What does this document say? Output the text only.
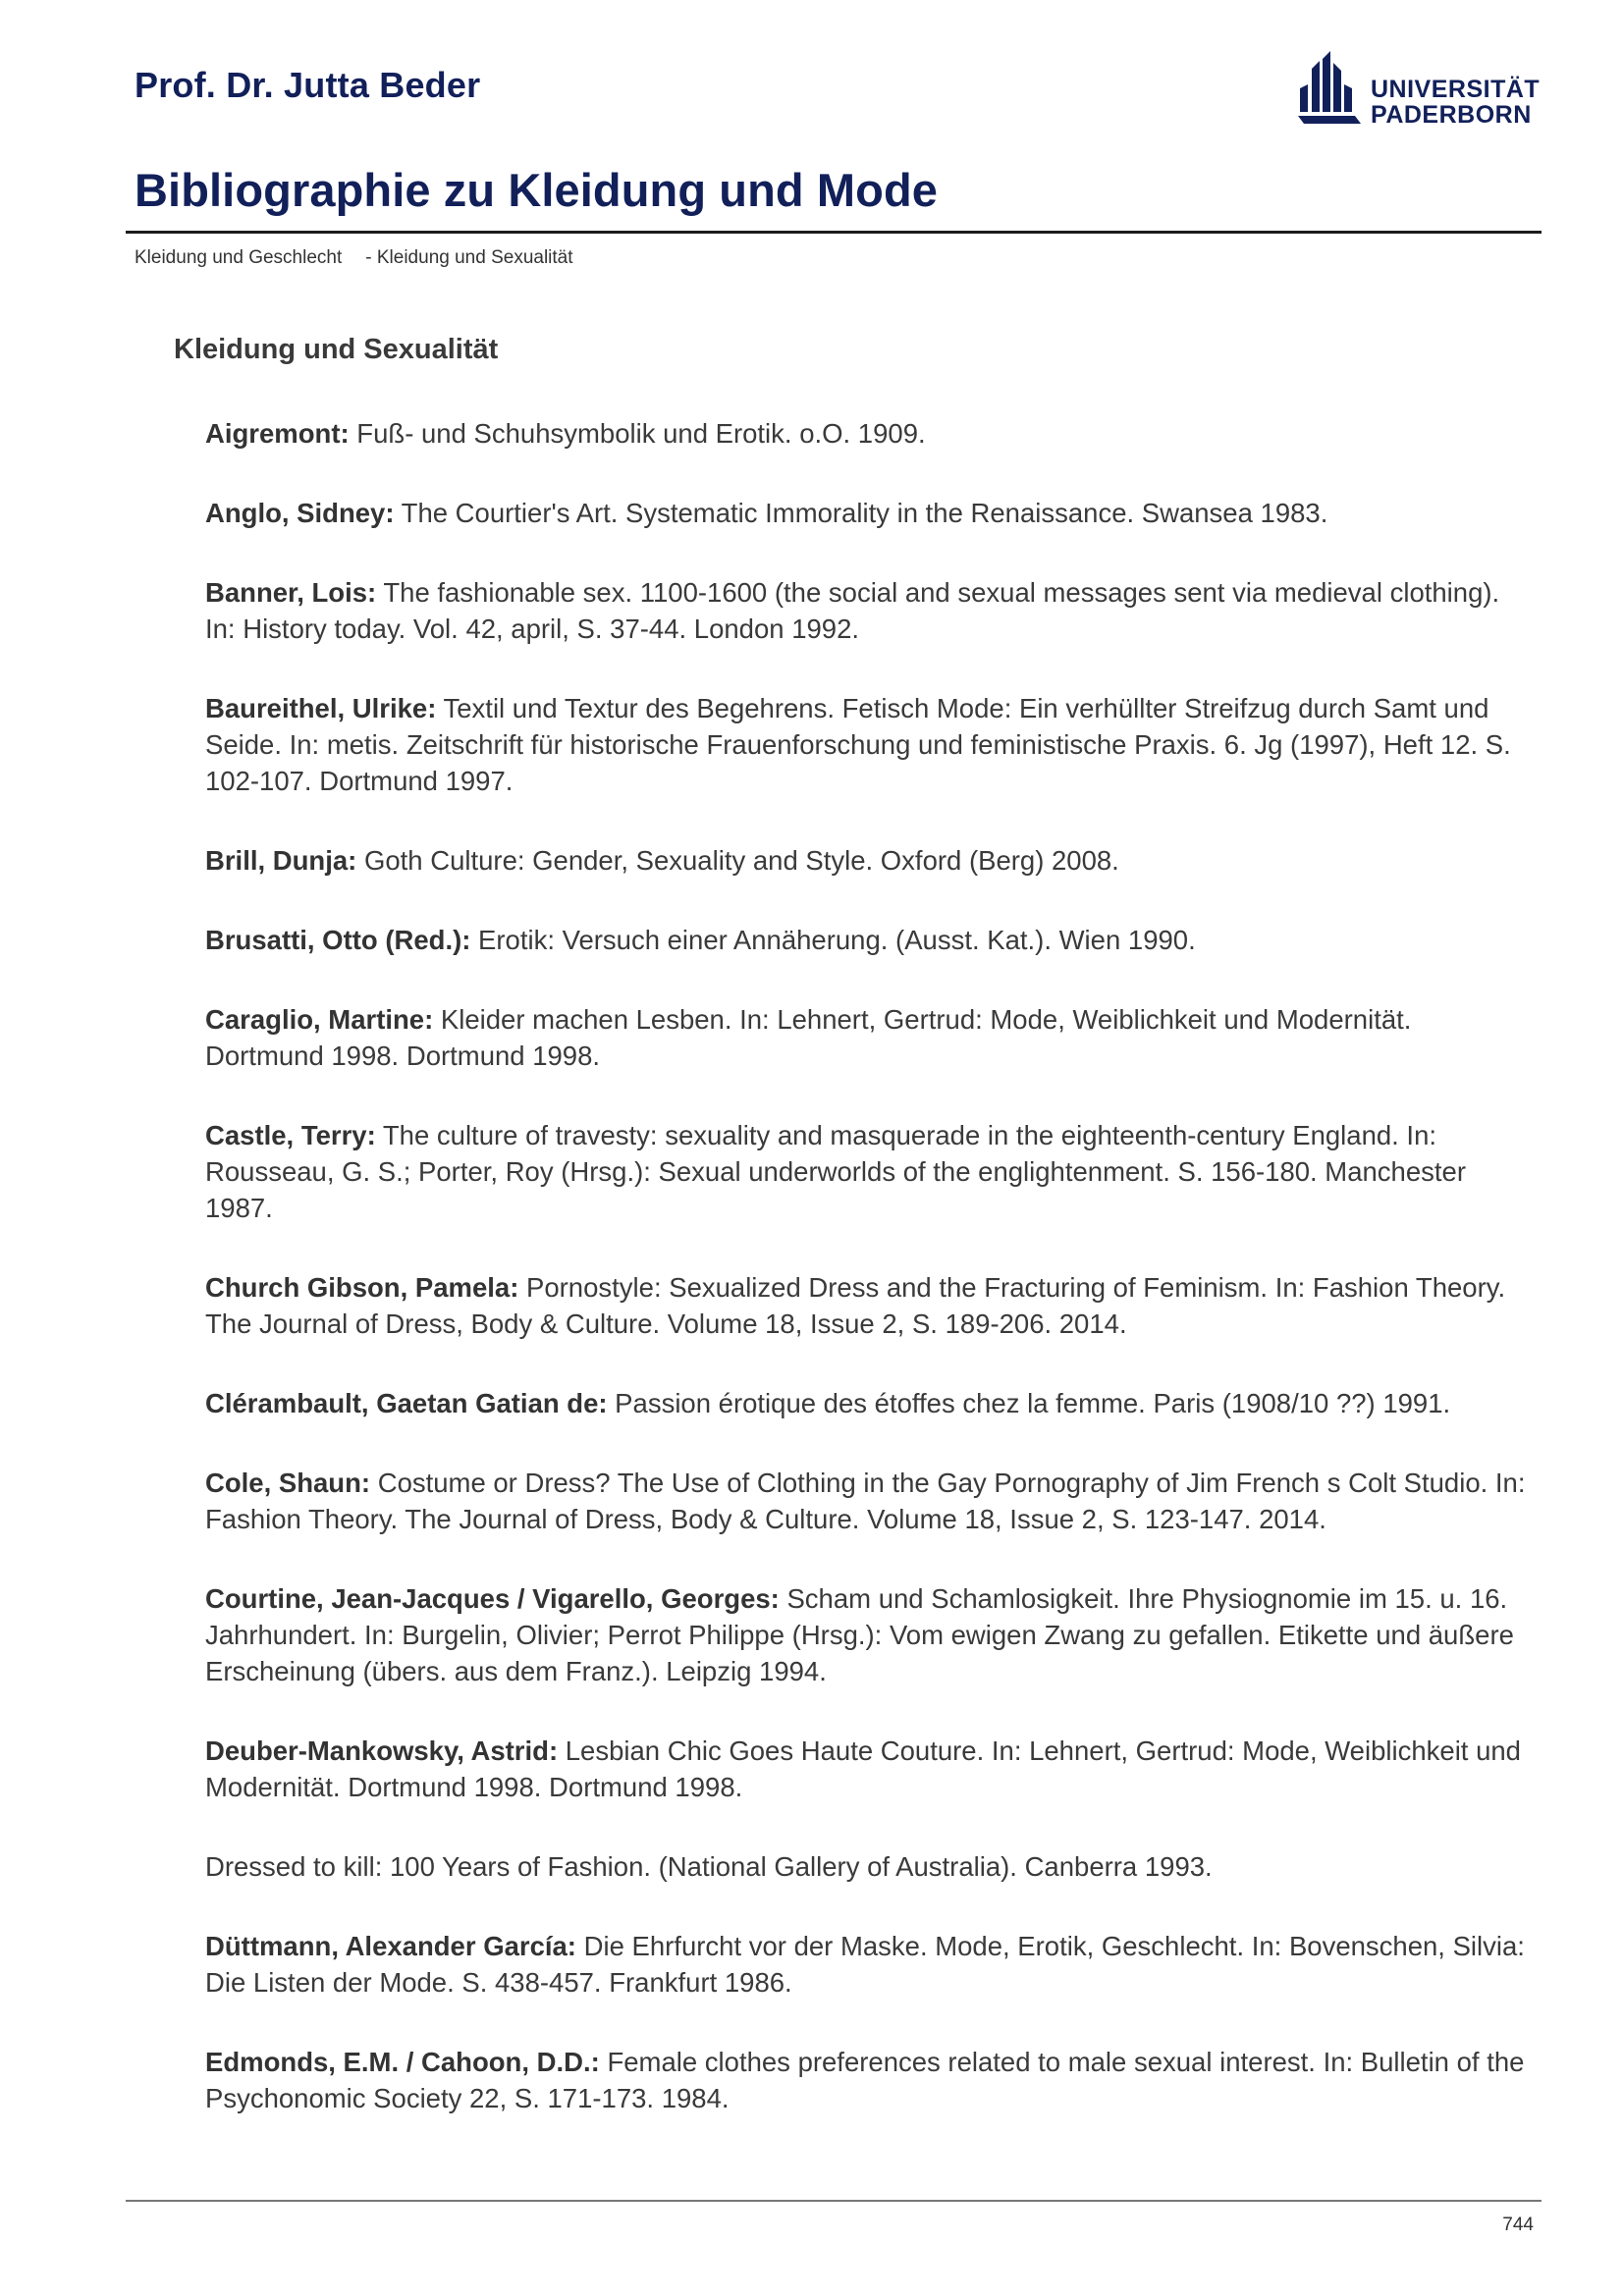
Prof. Dr. Jutta Beder	UNIVERSITÄT
PADERBORN
Bibliographie zu Kleidung und Mode
Kleidung und Geschlecht - Kleidung und Sexualität
Kleidung und Sexualität
Aigremont: Fuß- und Schuhsymbolik und Erotik. o.O. 1909.
Anglo, Sidney: The Courtier's Art. Systematic Immorality in the Renaissance. Swansea 1983.
Banner, Lois: The fashionable sex. 1100-1600 (the social and sexual messages sent via medieval clothing). In: History today. Vol. 42, april, S. 37-44. London 1992.
Baureithel, Ulrike: Textil und Textur des Begehrens. Fetisch Mode: Ein verhüllter Streifzug durch Samt und Seide. In: metis. Zeitschrift für historische Frauenforschung und feministische Praxis. 6. Jg (1997), Heft 12. S. 102-107. Dortmund 1997.
Brill, Dunja: Goth Culture: Gender, Sexuality and Style. Oxford (Berg) 2008.
Brusatti, Otto (Red.): Erotik: Versuch einer Annäherung. (Ausst. Kat.). Wien 1990.
Caraglio, Martine: Kleider machen Lesben. In: Lehnert, Gertrud: Mode, Weiblichkeit und Modernität. Dortmund 1998. Dortmund 1998.
Castle, Terry: The culture of travesty: sexuality and masquerade in the eighteenth-century England. In: Rousseau, G. S.; Porter, Roy (Hrsg.): Sexual underworlds of the englightenment. S. 156-180. Manchester 1987.
Church Gibson, Pamela: Pornostyle: Sexualized Dress and the Fracturing of Feminism. In: Fashion Theory. The Journal of Dress, Body & Culture. Volume 18, Issue 2, S. 189-206. 2014.
Clérambault, Gaetan Gatian de: Passion érotique des étoffes chez la femme. Paris (1908/10 ??) 1991.
Cole, Shaun: Costume or Dress? The Use of Clothing in the Gay Pornography of Jim French s Colt Studio. In: Fashion Theory. The Journal of Dress, Body & Culture. Volume 18, Issue 2, S. 123-147. 2014.
Courtine, Jean-Jacques / Vigarello, Georges: Scham und Schamlosigkeit. Ihre Physiognomie im 15. u. 16. Jahrhundert. In: Burgelin, Olivier; Perrot Philippe (Hrsg.): Vom ewigen Zwang zu gefallen. Etikette und äußere Erscheinung (übers. aus dem Franz.). Leipzig 1994.
Deuber-Mankowsky, Astrid: Lesbian Chic Goes Haute Couture. In: Lehnert, Gertrud: Mode, Weiblichkeit und Modernität. Dortmund 1998. Dortmund 1998.
Dressed to kill: 100 Years of Fashion. (National Gallery of Australia). Canberra 1993.
Düttmann, Alexander García: Die Ehrfurcht vor der Maske. Mode, Erotik, Geschlecht. In: Bovenschen, Silvia: Die Listen der Mode. S. 438-457. Frankfurt 1986.
Edmonds, E.M. / Cahoon, D.D.: Female clothes preferences related to male sexual interest. In: Bulletin of the Psychonomic Society 22, S. 171-173. 1984.
744
